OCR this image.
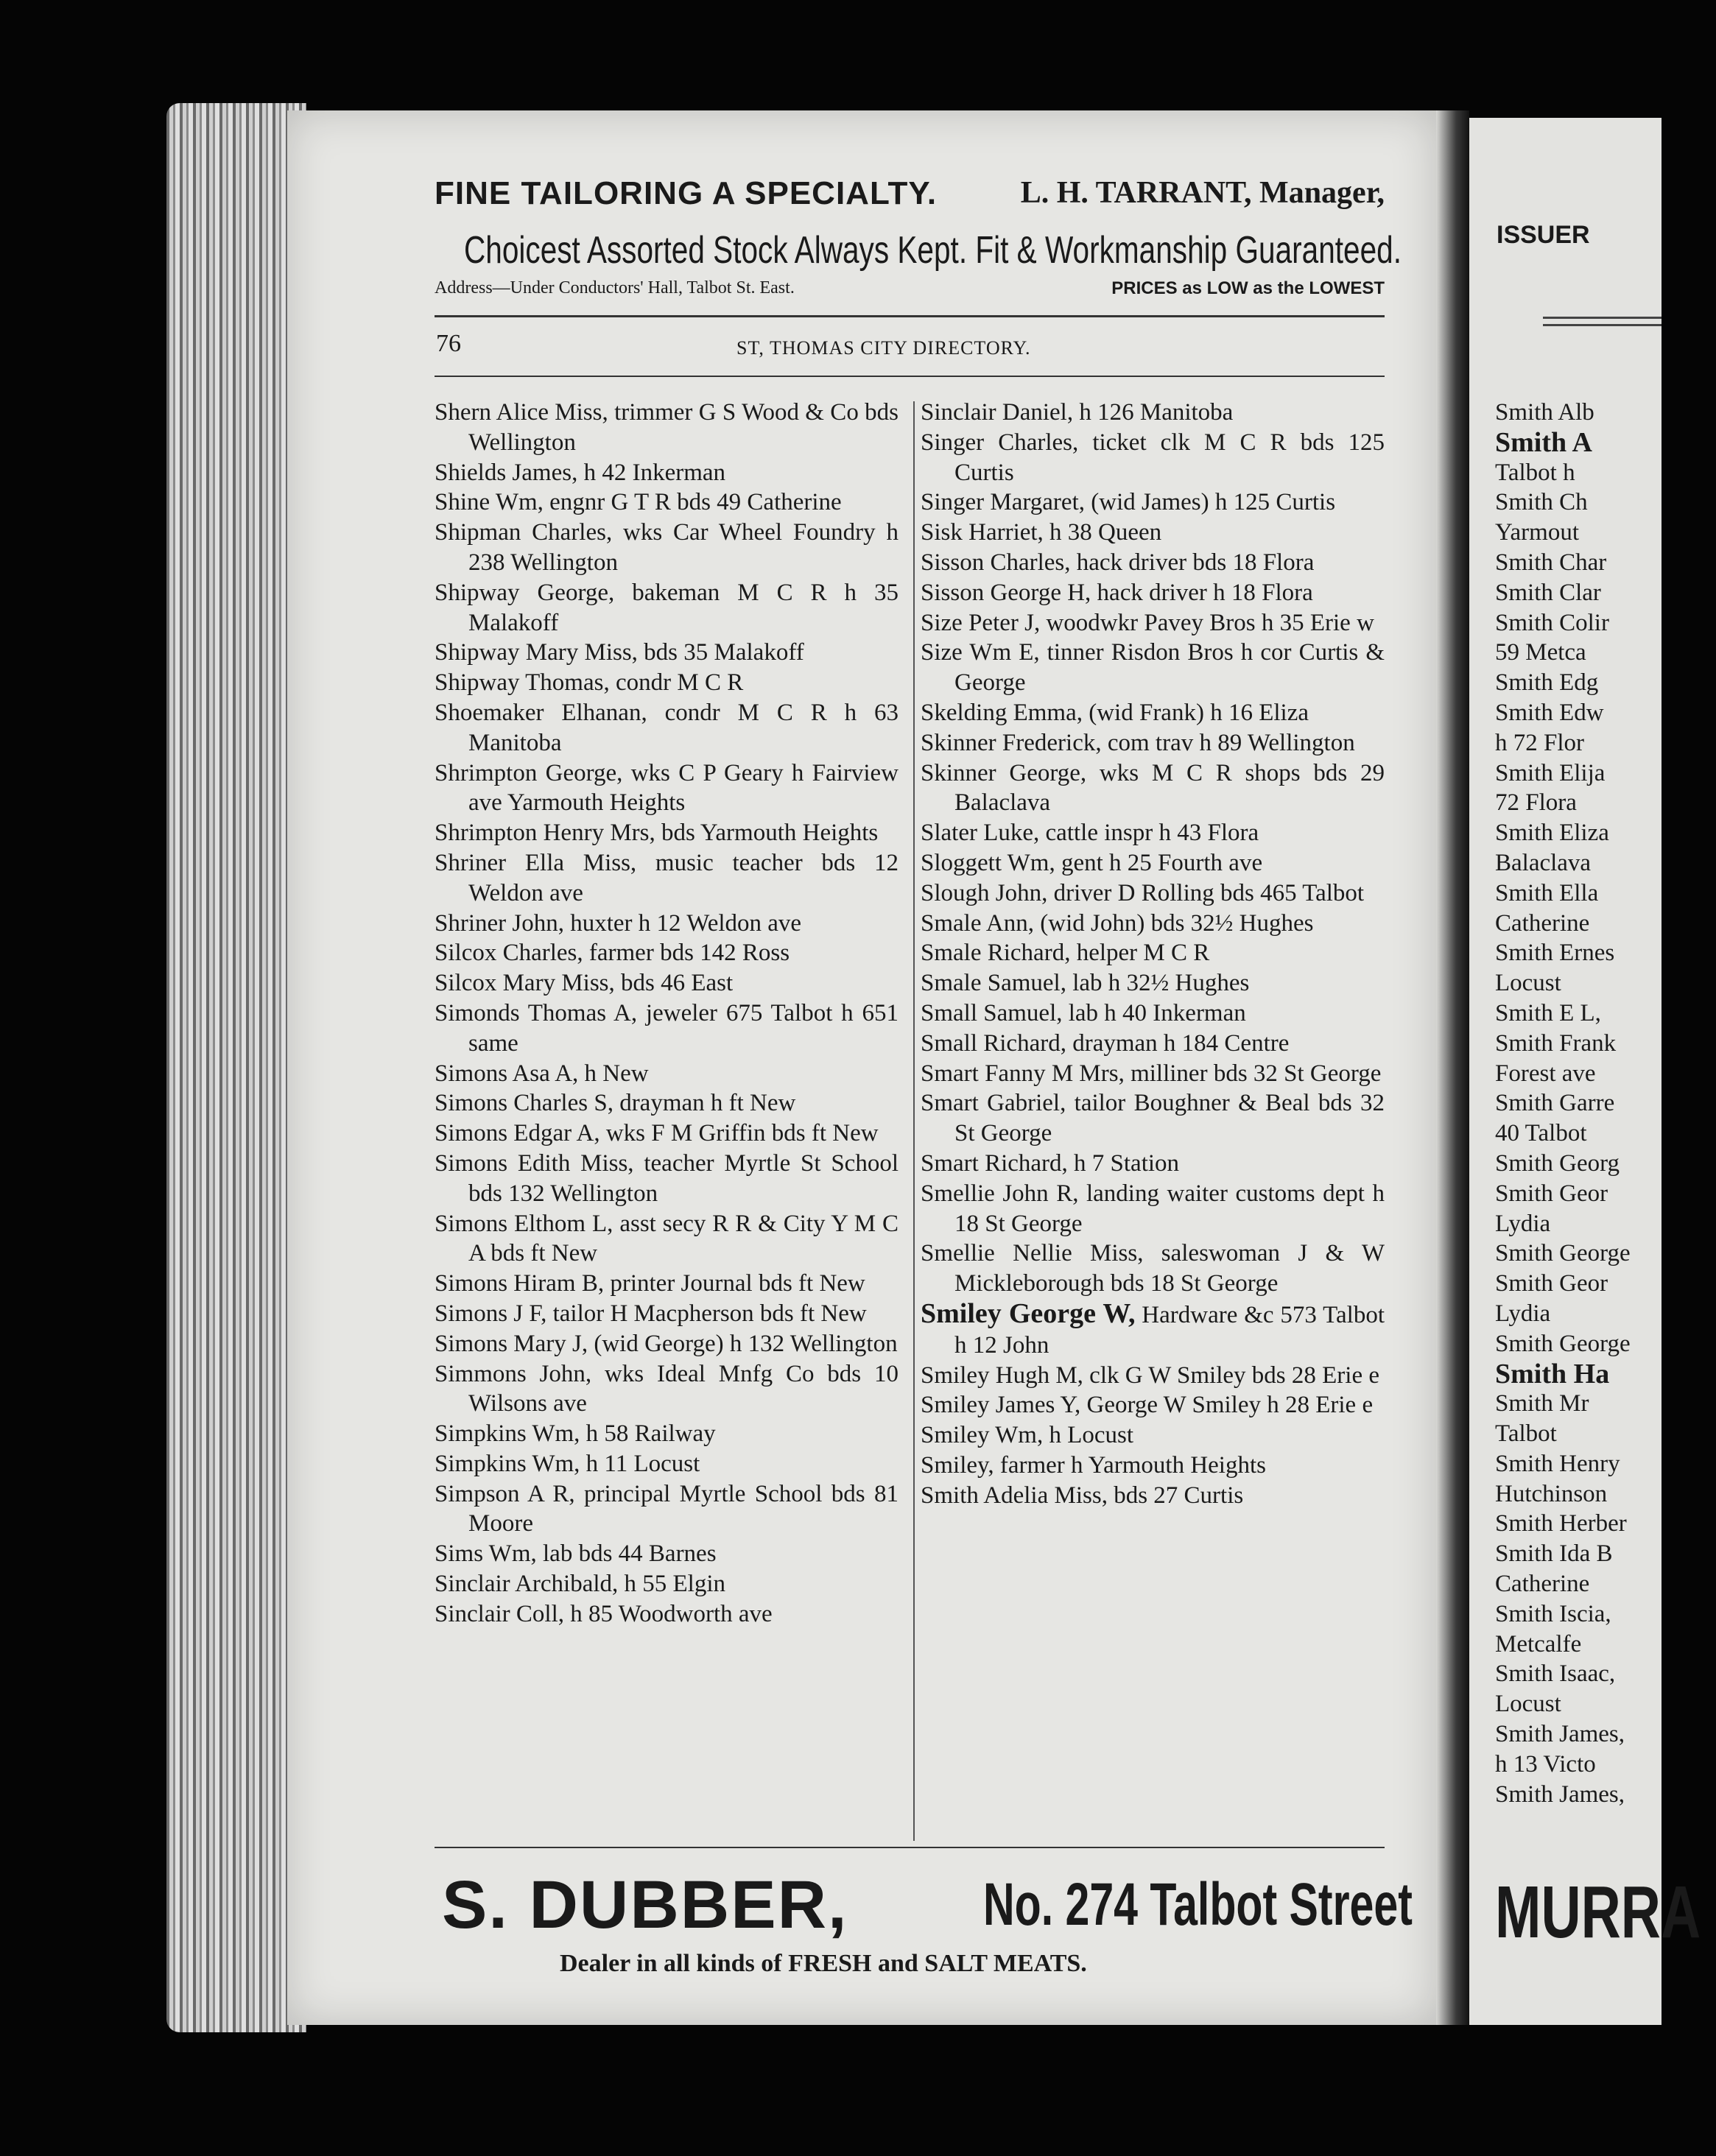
FINE TAILORING A SPECIALTY.	L. H. TARRANT, Manager,
Choicest Assorted Stock Always Kept. Fit & Workmanship Guaranteed.
Address—Under Conductors' Hall, Talbot St. East.	PRICES as LOW as the LOWEST
76	ST, THOMAS CITY DIRECTORY.
Shern Alice Miss, trimmer G S Wood & Co bds Wellington
Shields James, h 42 Inkerman
Shine Wm, engnr G T R bds 49 Catherine
Shipman Charles, wks Car Wheel Foundry h 238 Wellington
Shipway George, bakeman M C R h 35 Malakoff
Shipway Mary Miss, bds 35 Malakoff
Shipway Thomas, condr M C R
Shoemaker Elhanan, condr M C R h 63 Manitoba
Shrimpton George, wks C P Geary h Fairview ave Yarmouth Heights
Shrimpton Henry Mrs, bds Yarmouth Heights
Shriner Ella Miss, music teacher bds 12 Weldon ave
Shriner John, huxter h 12 Weldon ave
Silcox Charles, farmer bds 142 Ross
Silcox Mary Miss, bds 46 East
Simonds Thomas A, jeweler 675 Talbot h 651 same
Simons Asa A, h New
Simons Charles S, drayman h ft New
Simons Edgar A, wks F M Griffin bds ft New
Simons Edith Miss, teacher Myrtle St School bds 132 Wellington
Simons Elthom L, asst secy R R & City Y M C A bds ft New
Simons Hiram B, printer Journal bds ft New
Simons J F, tailor H Macpherson bds ft New
Simons Mary J, (wid George) h 132 Wellington
Simmons John, wks Ideal Mnfg Co bds 10 Wilsons ave
Simpkins Wm, h 58 Railway
Simpkins Wm, h 11 Locust
Simpson A R, principal Myrtle School bds 81 Moore
Sims Wm, lab bds 44 Barnes
Sinclair Archibald, h 55 Elgin
Sinclair Coll, h 85 Woodworth ave
Sinclair Daniel, h 126 Manitoba
Singer Charles, ticket clk M C R bds 125 Curtis
Singer Margaret, (wid James) h 125 Curtis
Sisk Harriet, h 38 Queen
Sisson Charles, hack driver bds 18 Flora
Sisson George H, hack driver h 18 Flora
Size Peter J, woodwkr Pavey Bros h 35 Erie w
Size Wm E, tinner Risdon Bros h cor Curtis & George
Skelding Emma, (wid Frank) h 16 Eliza
Skinner Frederick, com trav h 89 Wellington
Skinner George, wks M C R shops bds 29 Balaclava
Slater Luke, cattle inspr h 43 Flora
Sloggett Wm, gent h 25 Fourth ave
Slough John, driver D Rolling bds 465 Talbot
Smale Ann, (wid John) bds 32½ Hughes
Smale Richard, helper M C R
Smale Samuel, lab h 32½ Hughes
Small Samuel, lab h 40 Inkerman
Small Richard, drayman h 184 Centre
Smart Fanny M Mrs, milliner bds 32 St George
Smart Gabriel, tailor Boughner & Beal bds 32 St George
Smart Richard, h 7 Station
Smellie John R, landing waiter customs dept h 18 St George
Smellie Nellie Miss, saleswoman J & W Mickleborough bds 18 St George
Smiley George W, Hardware &c 573 Talbot h 12 John
Smiley Hugh M, clk G W Smiley bds 28 Erie e
Smiley James Y, George W Smiley h 28 Erie e
Smiley Wm, h Locust
Smiley, farmer h Yarmouth Heights
Smith Adelia Miss, bds 27 Curtis
S. DUBBER, No. 274 Talbot Street
Dealer in all kinds of FRESH and SALT MEATS.
ISSUER
Smith Alb
Smith A
Talbot h
Smith Ch
Yarmout
Smith Char
Smith Clar
Smith Colir
59 Metca
Smith Edg
Smith Edw
h 72 Flor
Smith Elija
72 Flora
Smith Eliza
Balaclava
Smith Ella
Catherine
Smith Ernes
Locust
Smith E L,
Smith Frank
Forest ave
Smith Garre
40 Talbot
Smith Georg
Smith Geor
Lydia
Smith George
Smith Geor
Lydia
Smith George
Smith Ha
Smith Mr
Talbot
Smith Henry
Hutchinson
Smith Herber
Smith Ida B
Catherine
Smith Iscia,
Metcalfe
Smith Isaac,
Locust
Smith James,
h 13 Victo
Smith James,
MURRA
